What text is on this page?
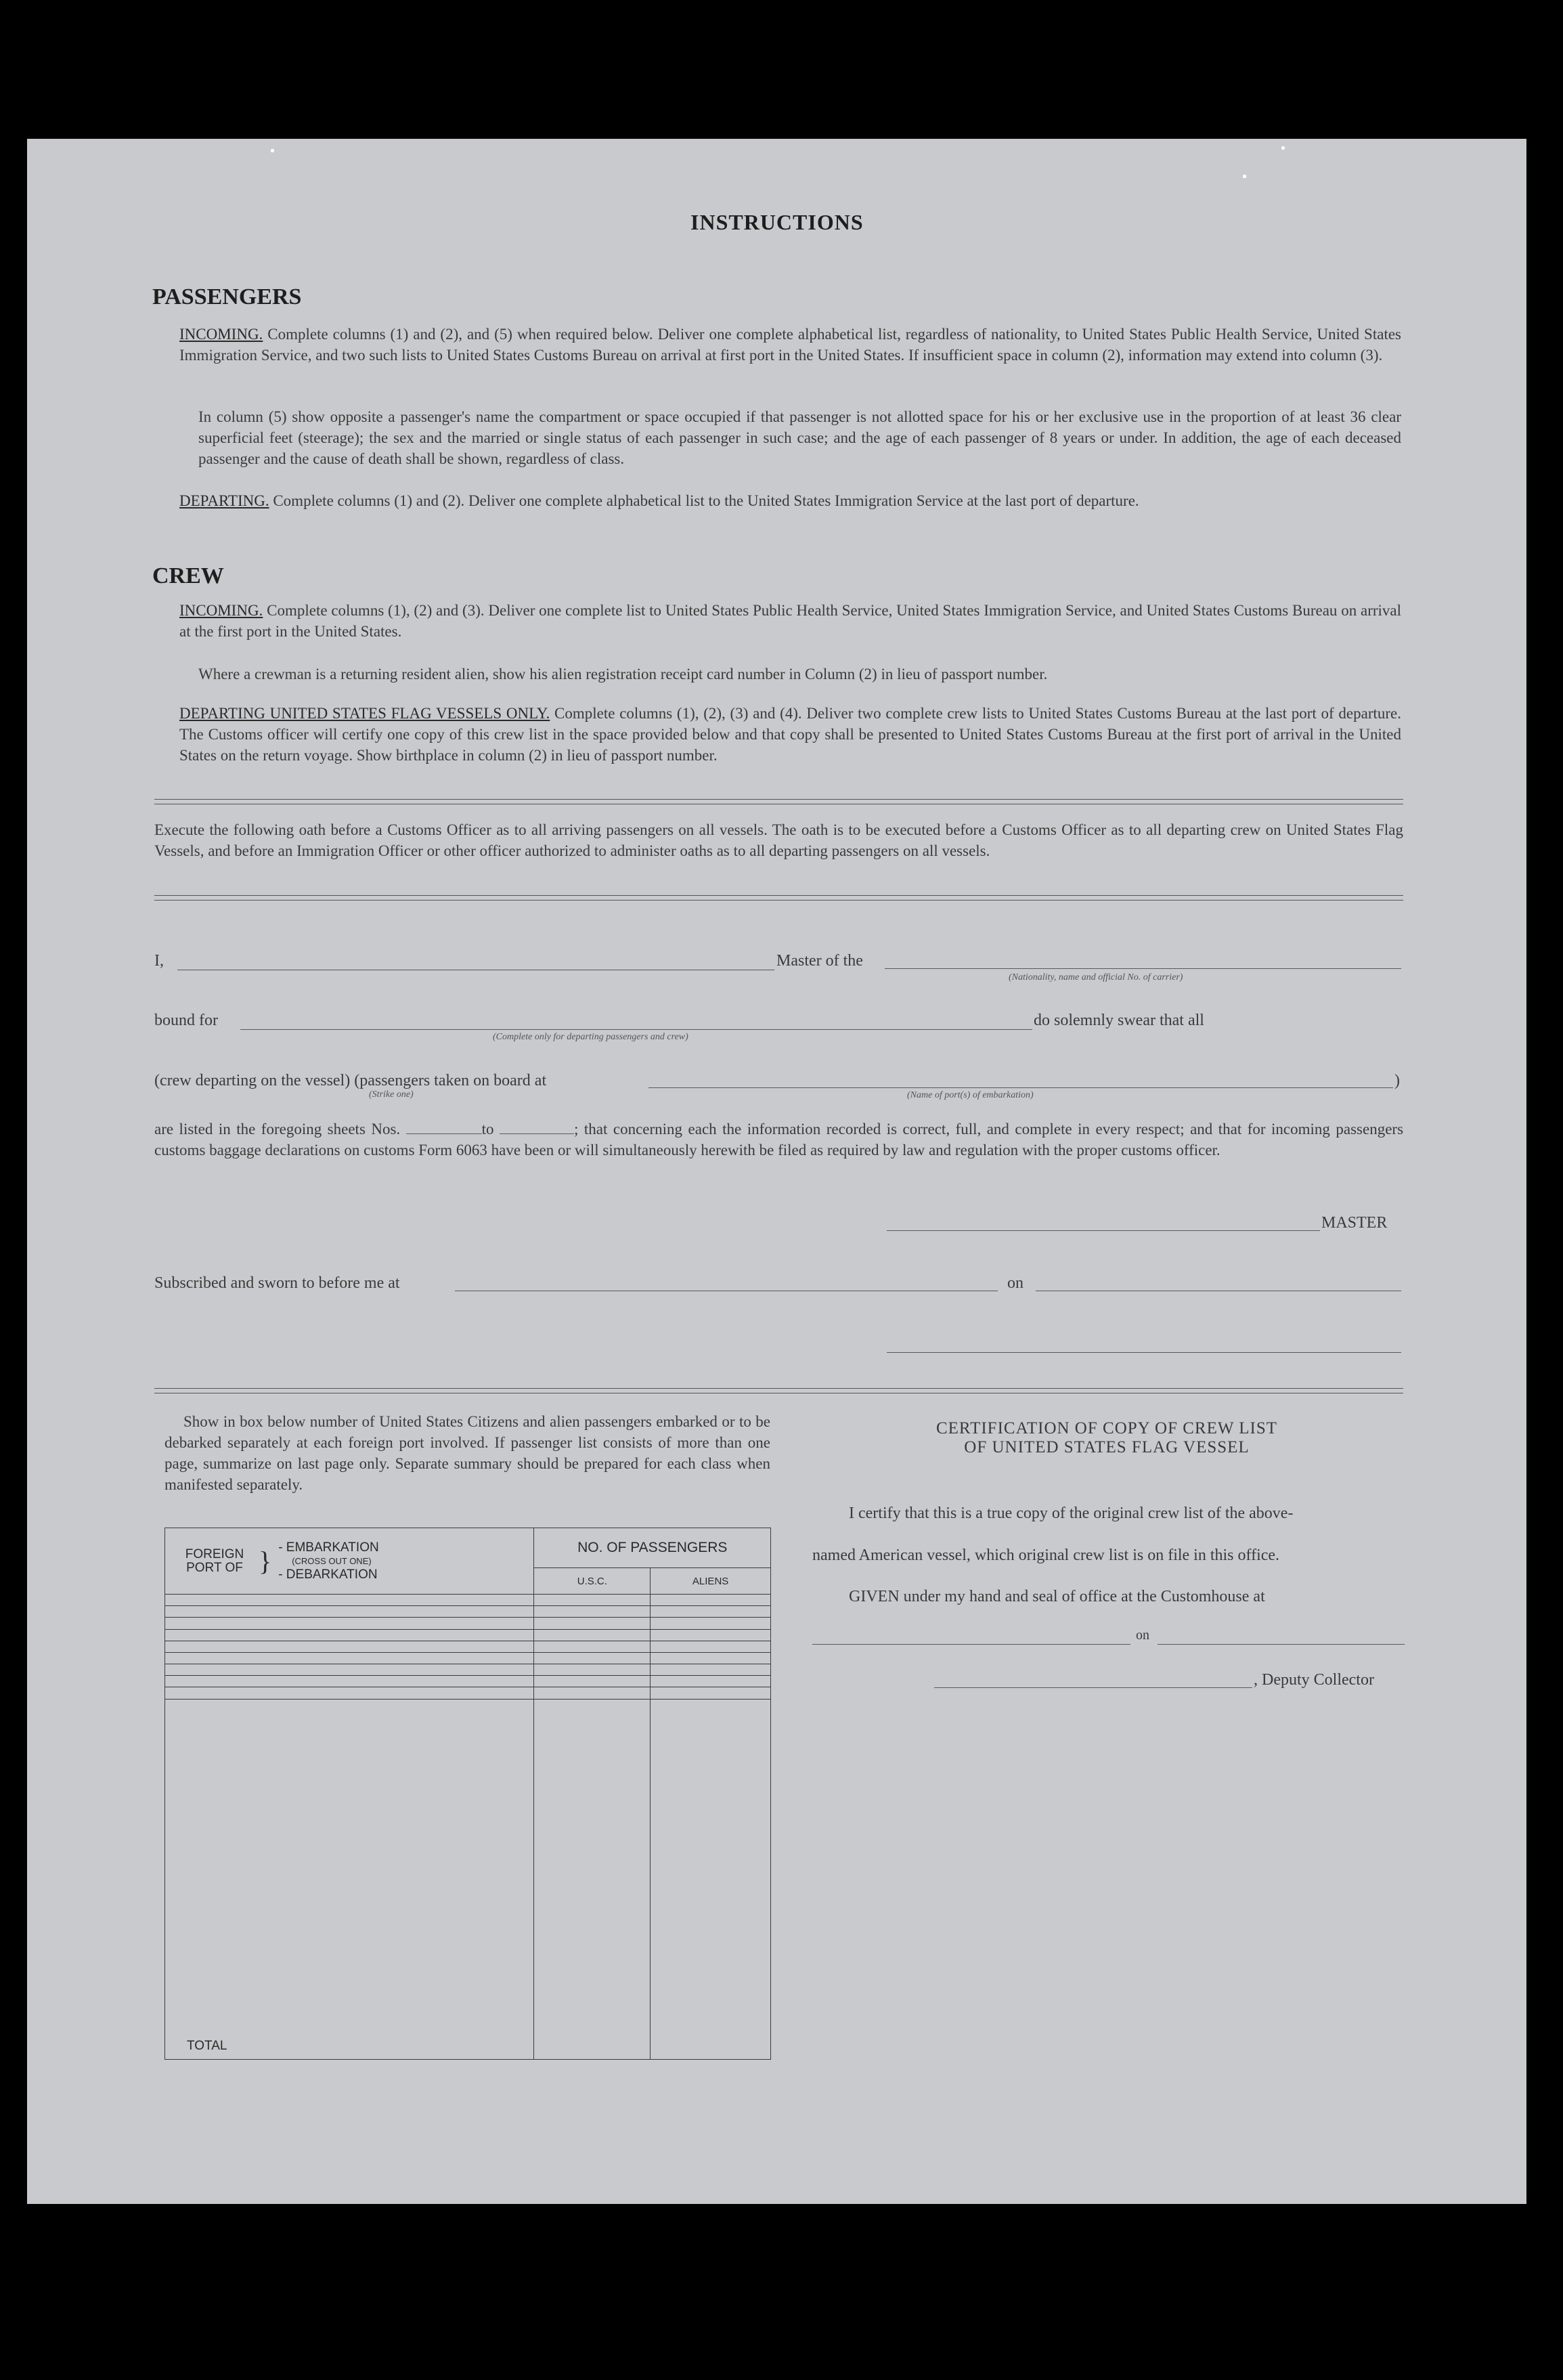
INSTRUCTIONS
PASSENGERS
INCOMING. Complete columns (1) and (2), and (5) when required below. Deliver one complete alphabetical list, regardless of nationality, to United States Public Health Service, United States Immigration Service, and two such lists to United States Customs Bureau on arrival at first port in the United States. If insufficient space in column (2), information may extend into column (3).
In column (5) show opposite a passenger's name the compartment or space occupied if that passenger is not allotted space for his or her exclusive use in the proportion of at least 36 clear superficial feet (steerage); the sex and the married or single status of each passenger in such case; and the age of each passenger of 8 years or under. In addition, the age of each deceased passenger and the cause of death shall be shown, regardless of class.
DEPARTING. Complete columns (1) and (2). Deliver one complete alphabetical list to the United States Immigration Service at the last port of departure.
CREW
INCOMING. Complete columns (1), (2) and (3). Deliver one complete list to United States Public Health Service, United States Immigration Service, and United States Customs Bureau on arrival at the first port in the United States.
Where a crewman is a returning resident alien, show his alien registration receipt card number in Column (2) in lieu of passport number.
DEPARTING UNITED STATES FLAG VESSELS ONLY. Complete columns (1), (2), (3) and (4). Deliver two complete crew lists to United States Customs Bureau at the last port of departure. The Customs officer will certify one copy of this crew list in the space provided below and that copy shall be presented to United States Customs Bureau at the first port of arrival in the United States on the return voyage. Show birthplace in column (2) in lieu of passport number.
Execute the following oath before a Customs Officer as to all arriving passengers on all vessels. The oath is to be executed before a Customs Officer as to all departing crew on United States Flag Vessels, and before an Immigration Officer or other officer authorized to administer oaths as to all departing passengers on all vessels.
I,	Master of the
(Nationality, name and official No. of carrier)
bound for
(Complete only for departing passengers and crew)
do solemnly swear that all
(crew departing on the vessel) (passengers taken on board at
(Strike one)	(Name of port(s) of embarkation)
)
are listed in the foregoing sheets Nos.	to	; that concerning each the information recorded is correct, full, and complete in every respect; and that for incoming passengers customs baggage declarations on customs Form 6063 have been or will simultaneously herewith be filed as required by law and regulation with the proper customs officer.
MASTER
Subscribed and sworn to before me at	on
Show in box below number of United States Citizens and alien passengers embarked or to be debarked separately at each foreign port involved. If passenger list consists of more than one page, summarize on last page only. Separate summary should be prepared for each class when manifested separately.
FOREIGN PORT OF } - EMBARKATION
(CROSS OUT ONE)
- DEBARKATION	NO. OF PASSENGERS	
	U.S.C.	ALIENS

TOTAL		
CERTIFICATION OF COPY OF CREW LIST
OF UNITED STATES FLAG VESSEL
I certify that this is a true copy of the original crew list of the above-
named American vessel, which original crew list is on file in this office.
GIVEN under my hand and seal of office at the Customhouse at
on
, Deputy Collector
